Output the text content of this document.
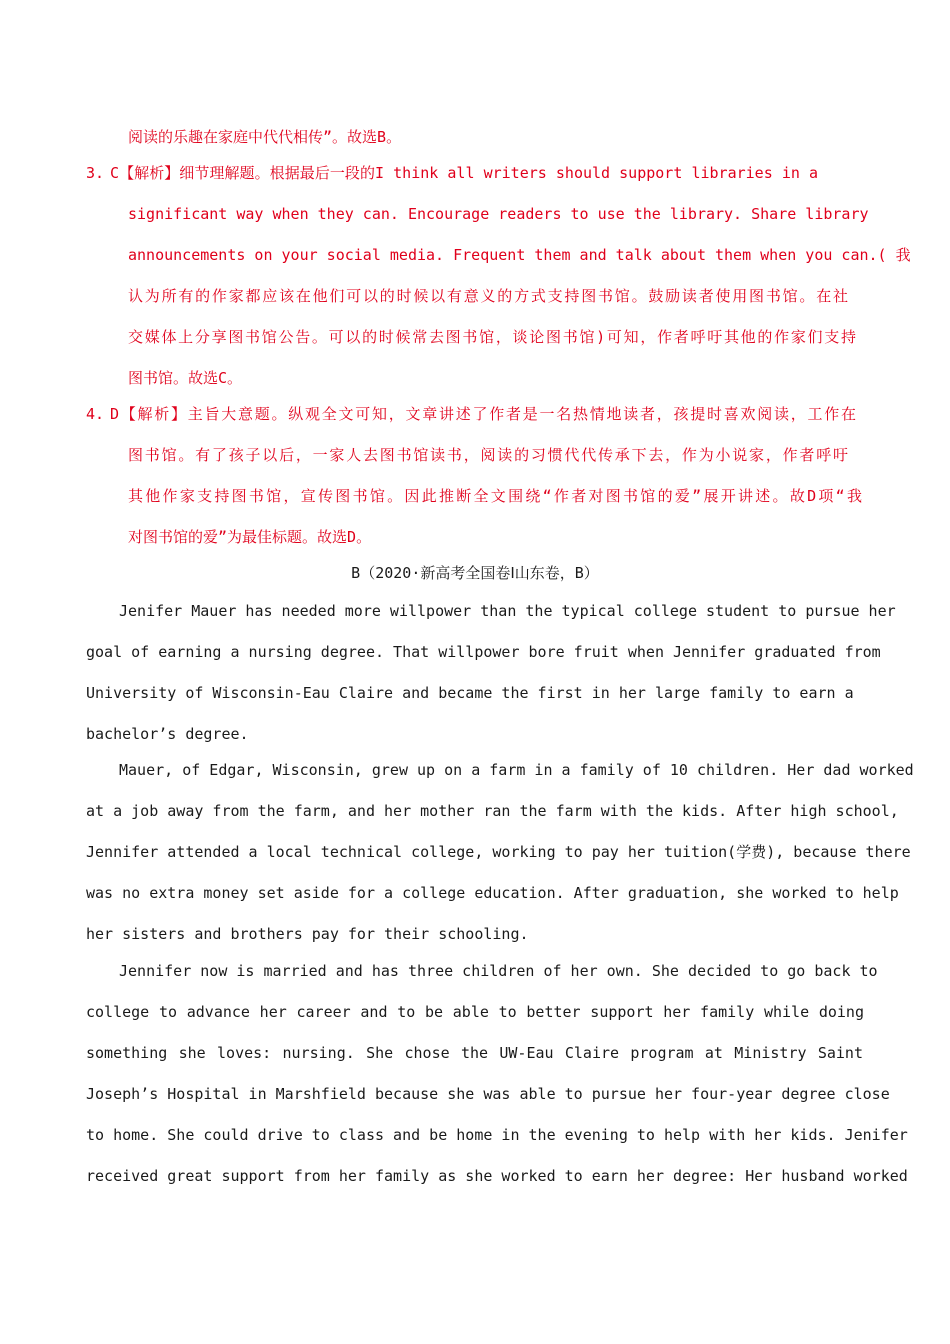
阅读的乐趣在家庭中代代相传”。故选B。
3. C【解析】细节理解题。根据最后一段的I think all writers should support libraries in a
significant way when they can. Encourage readers to use the library. Share library
announcements on your social media. Frequent them and talk about them when you can.( 我
认为所有的作家都应该在他们可以的时候以有意义的方式支持图书馆。鼓励读者使用图书馆。在社
交媒体上分享图书馆公告。可以的时候常去图书馆，谈论图书馆)可知，作者呼吁其他的作家们支持
图书馆。故选C。
4. D【解析】主旨大意题。纵观全文可知，文章讲述了作者是一名热情地读者，孩提时喜欢阅读，工作在
图书馆。有了孩子以后，一家人去图书馆读书，阅读的习惯代代传承下去，作为小说家，作者呼吁
其他作家支持图书馆，宣传图书馆。因此推断全文围绕“作者对图书馆的爱”展开讲述。故D项“我
对图书馆的爱”为最佳标题。故选D。
B（2020·新高考全国卷Ⅰ山东卷，B）
Jenifer Mauer has needed more willpower than the typical college student to pursue her
goal of earning a nursing degree. That willpower bore fruit when Jennifer graduated from
University of Wisconsin-Eau Claire and became the first in her large family to earn a
bachelor’s degree.
Mauer, of Edgar, Wisconsin, grew up on a farm in a family of 10 children. Her dad worked
at a job away from the farm, and her mother ran the farm with the kids. After high school,
Jennifer attended a local technical college, working to pay her tuition(学费), because there
was no extra money set aside for a college education. After graduation, she worked to help
her sisters and brothers pay for their schooling.
Jennifer now is married and has three children of her own. She decided to go back to
college to advance her career and to be able to better support her family while doing
something she loves: nursing. She chose the UW-Eau Claire program at Ministry Saint
Joseph’s Hospital in Marshfield because she was able to pursue her four-year degree close
to home. She could drive to class and be home in the evening to help with her kids. Jenifer
received great support from her family as she worked to earn her degree: Her husband worked
